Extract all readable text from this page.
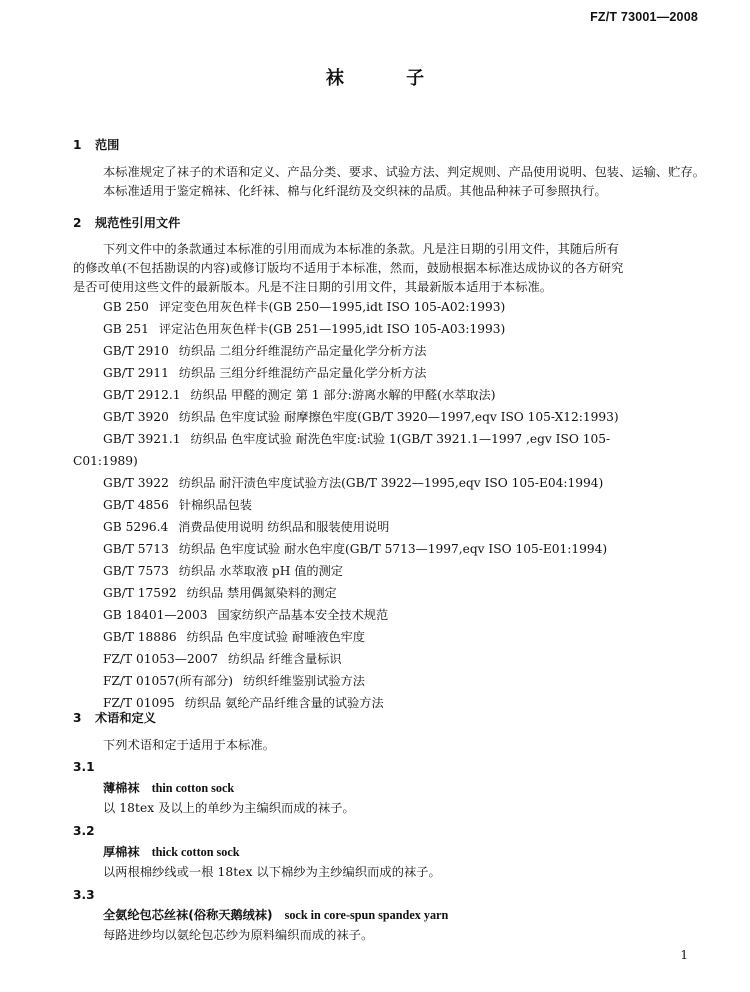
FZ/T 73001—2008
袜 子
1 范围
本标准规定了袜子的术语和定义、产品分类、要求、试验方法、判定规则、产品使用说明、包装、运输、贮存。
本标准适用于鉴定棉袜、化纤袜、棉与化纤混纺及交织袜的品质。其他品种袜子可参照执行。
2 规范性引用文件
下列文件中的条款通过本标准的引用而成为本标准的条款。凡是注日期的引用文件，其随后所有
的修改单(不包括勘误的内容)或修订版均不适用于本标准，然而，鼓励根据本标准达成协议的各方研究
是否可使用这些文件的最新版本。凡是不注日期的引用文件，其最新版本适用于本标准。
GB 250 评定变色用灰色样卡(GB 250—1995,idt ISO 105-A02:1993)
GB 251 评定沾色用灰色样卡(GB 251—1995,idt ISO 105-A03:1993)
GB/T 2910 纺织品 二组分纤维混纺产品定量化学分析方法
GB/T 2911 纺织品 三组分纤维混纺产品定量化学分析方法
GB/T 2912.1 纺织品 甲醛的测定 第 1 部分:游离水解的甲醛(水萃取法)
GB/T 3920 纺织品 色牢度试验 耐摩擦色牢度(GB/T 3920—1997,eqv ISO 105-X12:1993)
GB/T 3921.1 纺织品 色牢度试验 耐洗色牢度:试验 1(GB/T 3921.1—1997 ,egv ISO 105-
C01:1989)
GB/T 3922 纺织品 耐汗渍色牢度试验方法(GB/T 3922—1995,eqv ISO 105-E04:1994)
GB/T 4856 针棉织品包装
GB 5296.4 消费品使用说明 纺织品和服装使用说明
GB/T 5713 纺织品 色牢度试验 耐水色牢度(GB/T 5713—1997,eqv ISO 105-E01:1994)
GB/T 7573 纺织品 水萃取液 pH 值的测定
GB/T 17592 纺织品 禁用偶氮染料的测定
GB 18401—2003 国家纺织产品基本安全技术规范
GB/T 18886 纺织品 色牢度试验 耐唾液色牢度
FZ/T 01053—2007 纺织品 纤维含量标识
FZ/T 01057(所有部分) 纺织纤维鉴别试验方法
FZ/T 01095 纺织品 氨纶产品纤维含量的试验方法
3 术语和定义
下列术语和定于适用于本标准。
3.1
薄棉袜 thin cotton sock
以 18tex 及以上的单纱为主编织而成的袜子。
3.2
厚棉袜 thick cotton sock
以两根棉纱线或一根 18tex 以下棉纱为主纱编织而成的袜子。
3.3
全氨纶包芯丝袜(俗称天鹅绒袜) sock in core-spun spandex yarn
每路进纱均以氨纶包芯纱为原料编织而成的袜子。
1
